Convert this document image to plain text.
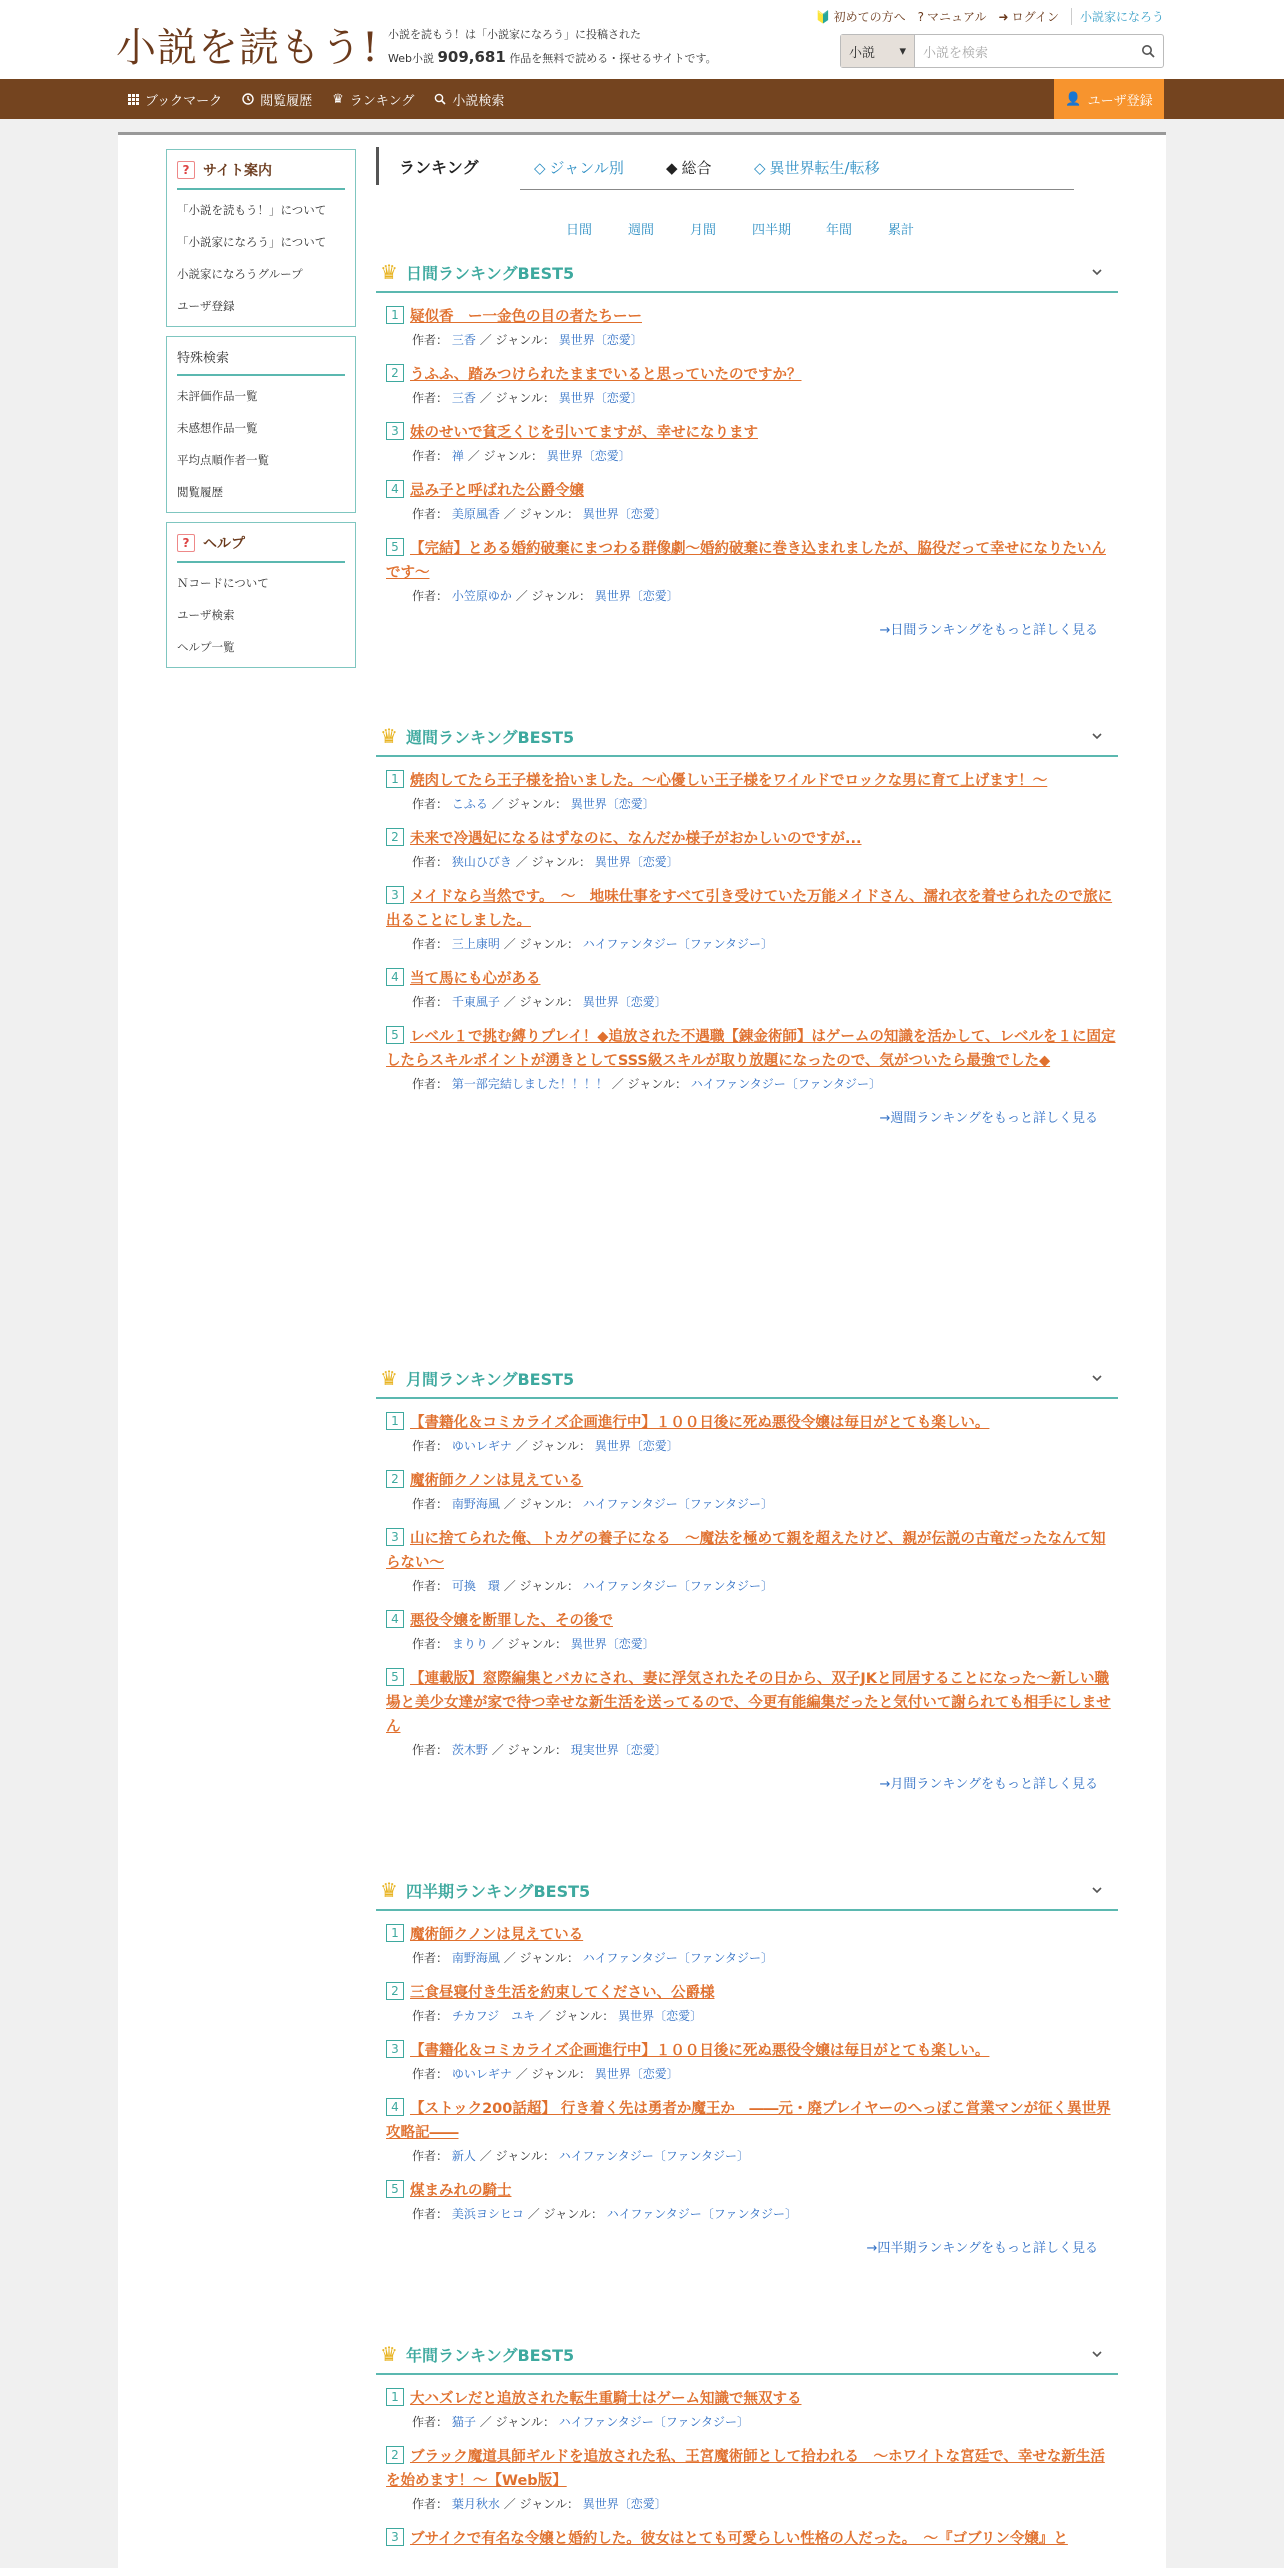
小説を読もう! 小説を読もう！は「小説家になろう」に投稿された
Web小説 909,681 作品を無料で読める・探せるサイトです。
🔰 初めての方へ ? マニュアル ➜ ログイン	小説家になろう
小説 ▾	小説を検索
ブックマーク	閲覧履歴 ♛ ランキング	小説検索	👤 ユーザ登録
? サイト案内
「小説を読もう！」について
「小説家になろう」について
小説家になろうグループ
ユーザ登録
特殊検索
未評価作品一覧
未感想作品一覧
平均点順作者一覧
閲覧履歴
? ヘルプ
Ｎコードについて
ユーザ検索
ヘルプ一覧
ランキング	◇ ジャンル別	◆ 総合	◇ 異世界転生/転移
日間	週間	月間	四半期	年間	累計
♛ 日間ランキングBEST5
1 疑似香　ー一金色の目の者たちーー
作者： 三香 ／ ジャンル： 異世界〔恋愛〕
2 うふふ、踏みつけられたままでいると思っていたのですか？
作者： 三香 ／ ジャンル： 異世界〔恋愛〕
3 妹のせいで貧乏くじを引いてますが、幸せになります
作者： 禅 ／ ジャンル： 異世界〔恋愛〕
4 忌み子と呼ばれた公爵令嬢
作者： 美原風香 ／ ジャンル： 異世界〔恋愛〕
5 【完結】とある婚約破棄にまつわる群像劇～婚約破棄に巻き込まれましたが、脇役だって幸せになりたいんです～
作者： 小笠原ゆか ／ ジャンル： 異世界〔恋愛〕
→日間ランキングをもっと詳しく見る
♛ 週間ランキングBEST5
1 焼肉してたら王子様を拾いました。～心優しい王子様をワイルドでロックな男に育て上げます！～
作者： こふる ／ ジャンル： 異世界〔恋愛〕
2 未来で冷遇妃になるはずなのに、なんだか様子がおかしいのですが...
作者： 狭山ひびき ／ ジャンル： 異世界〔恋愛〕
3 メイドなら当然です。　〜　地味仕事をすべて引き受けていた万能メイドさん、濡れ衣を着せられたので旅に出ることにしました。
作者： 三上康明 ／ ジャンル： ハイファンタジー〔ファンタジー〕
4 当て馬にも心がある
作者： 千東風子 ／ ジャンル： 異世界〔恋愛〕
5 レベル１で挑む縛りプレイ！◆追放された不遇職【錬金術師】はゲームの知識を活かして、レベルを１に固定したらスキルポイントが湧きとしてSSS級スキルが取り放題になったので、気がついたら最強でした◆
作者： 第一部完結しました！！！！ ／ ジャンル： ハイファンタジー〔ファンタジー〕
→週間ランキングをもっと詳しく見る
♛ 月間ランキングBEST5
1 【書籍化＆コミカライズ企画進行中】１００日後に死ぬ悪役令嬢は毎日がとても楽しい。
作者： ゆいレギナ ／ ジャンル： 異世界〔恋愛〕
2 魔術師クノンは見えている
作者： 南野海風 ／ ジャンル： ハイファンタジー〔ファンタジー〕
3 山に捨てられた俺、トカゲの養子になる　～魔法を極めて親を超えたけど、親が伝説の古竜だったなんて知らない～
作者： 可換　環 ／ ジャンル： ハイファンタジー〔ファンタジー〕
4 悪役令嬢を断罪した、その後で
作者： まりり ／ ジャンル： 異世界〔恋愛〕
5 【連載版】窓際編集とバカにされ、妻に浮気されたその日から、双子JKと同居することになった〜新しい職場と美少女達が家で待つ幸せな新生活を送ってるので、今更有能編集だったと気付いて謝られても相手にしません
作者： 茨木野 ／ ジャンル： 現実世界〔恋愛〕
→月間ランキングをもっと詳しく見る
♛ 四半期ランキングBEST5
1 魔術師クノンは見えている
作者： 南野海風 ／ ジャンル： ハイファンタジー〔ファンタジー〕
2 三食昼寝付き生活を約束してください、公爵様
作者： チカフジ　ユキ ／ ジャンル： 異世界〔恋愛〕
3 【書籍化＆コミカライズ企画進行中】１００日後に死ぬ悪役令嬢は毎日がとても楽しい。
作者： ゆいレギナ ／ ジャンル： 異世界〔恋愛〕
4 【ストック200話超】 行き着く先は勇者か魔王か　――元・廃プレイヤーのへっぽこ営業マンが征く異世界攻略記――
作者： 新人 ／ ジャンル： ハイファンタジー〔ファンタジー〕
5 煤まみれの騎士
作者： 美浜ヨシヒコ ／ ジャンル： ハイファンタジー〔ファンタジー〕
→四半期ランキングをもっと詳しく見る
♛ 年間ランキングBEST5
1 大ハズレだと追放された転生重騎士はゲーム知識で無双する
作者： 猫子 ／ ジャンル： ハイファンタジー〔ファンタジー〕
2 ブラック魔道具師ギルドを追放された私、王宮魔術師として拾われる　～ホワイトな宮廷で、幸せな新生活を始めます！～【Web版】
作者： 葉月秋水 ／ ジャンル： 異世界〔恋愛〕
3 ブサイクで有名な令嬢と婚約した。彼女はとても可愛らしい性格の人だった。　～『ゴブリン令嬢』と
